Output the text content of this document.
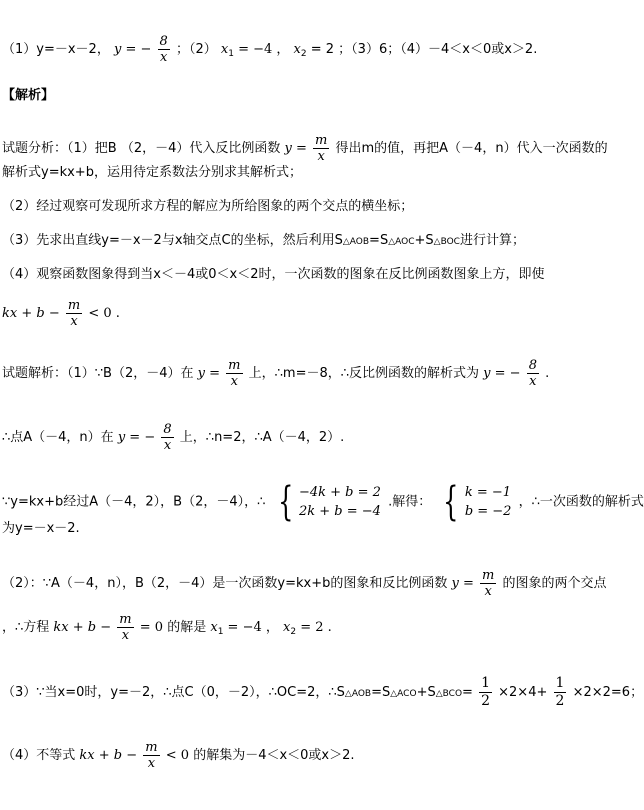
（1）y=－x－2， y = − $\frac{8}{x}$ ；（2） $x_1 = -4$ ， $x_2 = 2$ ；（3）6；（4）－4＜x＜0或x＞2.
【解析】
试题分析：（1）把B （2，－4）代入反比例函数 $y = \frac{m}{x}$ 得出m的值，再把A（－4，n）代入一次函数的
解析式y=kx+b，运用待定系数法分别求其解析式；
（2）经过观察可发现所求方程的解应为所给图象的两个交点的横坐标；
（3）先求出直线y=－x－2与x轴交点C的坐标，然后利用S△AOB=S△AOC+S△BOC进行计算；
（4）观察函数图象得到当x＜－4或0＜x＜2时，一次函数的图象在反比例函数图象上方，即使
kx + $b - \frac{m}{x} < 0$ .
试题解析：（1）∵B（2，－4）在 $y = \frac{m}{x}$ 上，∴m=－8，∴反比例函数的解析式为 y = − $\frac{8}{x}$ .
∴点A（－4，n）在 y = − $\frac{8}{x}$ 上，∴n=2，∴A（－4，2）.
∵y=kx+b经过A（－4，2），B（2，－4），∴ { −4k + b = 2
2k + b = −4
.解得： { k = −1
b = −2
，∴一次函数的解析式
为y=－x－2.
（2）：∵A（－4，n），B（2，－4）是一次函数y=kx+b的图象和反比例函数 $y = \frac{m}{x}$ 的图象的两个交点
，∴方程 kx + $b - \frac{m}{x} = 0$ 的解是 $x_1 = -4$ ， $x_2 = 2$ .
（3）∵当x=0时，y=－2，∴点C（0，－2），∴OC=2，∴S△AOB=S△ACO+S△BCO= $\frac{1}{2} \times 2\times 4+ \frac{1}{2} \times 2\times 2=6$；
（4）不等式 kx + $b - \frac{m}{x} < 0$ 的解集为－4＜x＜0或x＞2.
